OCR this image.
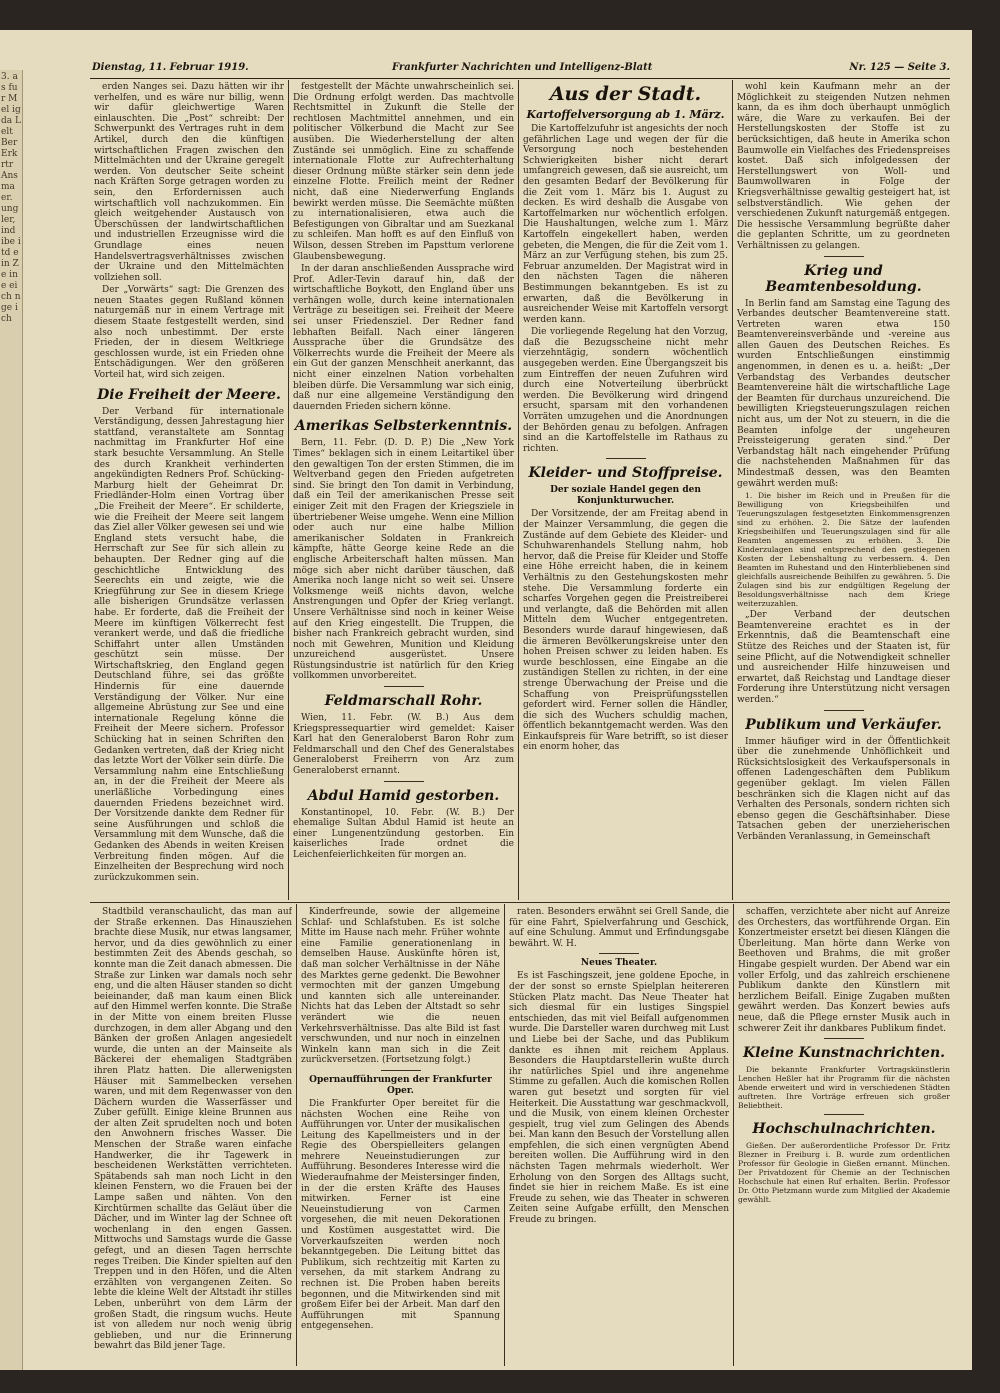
3. as fur Mel ig da Lelt Ber Erk rtr Ans ma er. ung ler, ind ibe itd ein Ze ine eich nge ich
Dienstag, 11. Februar 1919.	Frankfurter Nachrichten und Intelligenz-Blatt	Nr. 125 — Seite 3.

erden Nanges sei. Dazu hätten wir ihr verhelfen, und es wäre nur billig, wenn wir dafür gleichwertige Waren einlauschten. Die „Post“ schreibt: Der Schwerpunkt des Vertrages ruht in dem Artikel, durch den die künftigen wirtschaftlichen Fragen zwischen den Mittelmächten und der Ukraine geregelt werden. Von deutscher Seite scheint nach Kräften Sorge getragen worden zu sein, den Erfordernissen auch wirtschaftlich voll nachzukommen. Ein gleich weitgehender Austausch von Überschüssen der landwirtschaftlichen und industriellen Erzeugnisse wird die Grundlage eines neuen Handelsvertragsverhältnisses zwischen der Ukraine und den Mittelmächten vollziehen soll.

Der „Vorwärts“ sagt: Die Grenzen des neuen Staates gegen Rußland können naturgemäß nur in einem Vertrage mit diesem Staate festgestellt werden, sind also noch unbestimmt. Der erste Frieden, der in diesem Weltkriege geschlossen wurde, ist ein Frieden ohne Entschädigungen. Wer den größeren Vorteil hat, wird sich zeigen.

Die Freiheit der Meere.

Der Verband für internationale Verständigung, dessen Jahrestagung hier stattfand, veranstaltete am Sonntag nachmittag im Frankfurter Hof eine stark besuchte Versammlung. An Stelle des durch Krankheit verhinderten angekündigten Redners Prof. Schücking-Marburg hielt der Geheimrat Dr. Friedländer-Holm einen Vortrag über „Die Freiheit der Meere“. Er schilderte, wie die Freiheit der Meere seit langem das Ziel aller Völker gewesen sei und wie England stets versucht habe, die Herrschaft zur See für sich allein zu behaupten. Der Redner ging auf die geschichtliche Entwicklung des Seerechts ein und zeigte, wie die Kriegführung zur See in diesem Kriege alle bisherigen Grundsätze verlassen habe. Er forderte, daß die Freiheit der Meere im künftigen Völkerrecht fest verankert werde, und daß die friedliche Schiffahrt unter allen Umständen geschützt sein müsse. Der Wirtschaftskrieg, den England gegen Deutschland führe, sei das größte Hindernis für eine dauernde Verständigung der Völker. Nur eine allgemeine Abrüstung zur See und eine internationale Regelung könne die Freiheit der Meere sichern. Professor Schücking hat in seinen Schriften den Gedanken vertreten, daß der Krieg nicht das letzte Wort der Völker sein dürfe. Die Versammlung nahm eine Entschließung an, in der die Freiheit der Meere als unerläßliche Vorbedingung eines dauernden Friedens bezeichnet wird. Der Vorsitzende dankte dem Redner für seine Ausführungen und schloß die Versammlung mit dem Wunsche, daß die Gedanken des Abends in weiten Kreisen Verbreitung finden mögen. Auf die Einzelheiten der Besprechung wird noch zurückzukommen sein.

festgestellt der Mächte unwahrscheinlich sei. Die Ordnung erfolgt werden. Das machtvolle Rechtsmittel in Zukunft die Stelle der rechtlosen Machtmittel annehmen, und ein politischer Völkerbund die Macht zur See ausüben. Die Wiederherstellung der alten Zustände sei unmöglich. Eine zu schaffende internationale Flotte zur Aufrechterhaltung dieser Ordnung müßte stärker sein denn jede einzelne Flotte. Freilich meint der Redner nicht, daß eine Niederwerfung Englands bewirkt werden müsse. Die Seemächte müßten zu internationalisieren, etwa auch die Befestigungen von Gibraltar und am Suezkanal zu schleifen. Man hofft es auf den Einfluß von Wilson, dessen Streben im Papsttum verlorene Glaubensbewegung.

In der daran anschließenden Aussprache wird Prof. Adler-Tevin darauf hin, daß der wirtschaftliche Boykott, den England über uns verhängen wolle, durch keine internationalen Verträge zu beseitigen sei. Freiheit der Meere sei unser Friedensziel. Der Redner fand lebhaften Beifall. Nach einer längeren Aussprache über die Grundsätze des Völkerrechts wurde die Freiheit der Meere als ein Gut der ganzen Menschheit anerkannt, das nicht einer einzelnen Nation vorbehalten bleiben dürfe. Die Versammlung war sich einig, daß nur eine allgemeine Verständigung den dauernden Frieden sichern könne.

Amerikas Selbsterkenntnis.

Bern, 11. Febr. (D. D. P.) Die „New York Times“ beklagen sich in einem Leitartikel über den gewaltigen Ton der ersten Stimmen, die im Weltverband gegen den Frieden aufgetreten sind. Sie bringt den Ton damit in Verbindung, daß ein Teil der amerikanischen Presse seit einiger Zeit mit den Fragen der Kriegsziele in übertriebener Weise umgehe. Wenn eine Million oder auch nur eine halbe Million amerikanischer Soldaten in Frankreich kämpfte, hätte George keine Rede an die englische Arbeiterschaft halten müssen. Man möge sich aber nicht darüber täuschen, daß Amerika noch lange nicht so weit sei. Unsere Volksmenge weiß nichts davon, welche Anstrengungen und Opfer der Krieg verlangt. Unsere Verhältnisse sind noch in keiner Weise auf den Krieg eingestellt. Die Truppen, die bisher nach Frankreich gebracht wurden, sind noch mit Gewehren, Munition und Kleidung unzureichend ausgerüstet. Unsere Rüstungsindustrie ist natürlich für den Krieg vollkommen unvorbereitet.

Feldmarschall Rohr.

Wien, 11. Febr. (W. B.) Aus dem Kriegspressequartier wird gemeldet: Kaiser Karl hat den Generaloberst Baron Rohr zum Feldmarschall und den Chef des Generalstabes Generaloberst Freiherrn von Arz zum Generaloberst ernannt.

Abdul Hamid gestorben.

Konstantinopel, 10. Febr. (W. B.) Der ehemalige Sultan Abdul Hamid ist heute an einer Lungenentzündung gestorben. Ein kaiserliches Irade ordnet die Leichenfeierlichkeiten für morgen an.

Aus der Stadt.
Kartoffelversorgung ab 1. März.

Die Kartoffelzufuhr ist angesichts der noch gefährlichen Lage und wegen der für die Versorgung noch bestehenden Schwierigkeiten bisher nicht derart umfangreich gewesen, daß sie ausreicht, um den gesamten Bedarf der Bevölkerung für die Zeit vom 1. März bis 1. August zu decken. Es wird deshalb die Ausgabe von Kartoffelmarken nur wöchentlich erfolgen. Die Haushaltungen, welche zum 1. März Kartoffeln eingekellert haben, werden gebeten, die Mengen, die für die Zeit vom 1. März an zur Verfügung stehen, bis zum 25. Februar anzumelden. Der Magistrat wird in den nächsten Tagen die näheren Bestimmungen bekanntgeben. Es ist zu erwarten, daß die Bevölkerung in ausreichender Weise mit Kartoffeln versorgt werden kann.

Die vorliegende Regelung hat den Vorzug, daß die Bezugsscheine nicht mehr vierzehntägig, sondern wöchentlich ausgegeben werden. Eine Übergangszeit bis zum Eintreffen der neuen Zufuhren wird durch eine Notverteilung überbrückt werden. Die Bevölkerung wird dringend ersucht, sparsam mit den vorhandenen Vorräten umzugehen und die Anordnungen der Behörden genau zu befolgen. Anfragen sind an die Kartoffelstelle im Rathaus zu richten.

Kleider- und Stoffpreise.
Der soziale Handel gegen den Konjunkturwucher.

Der Vorsitzende, der am Freitag abend in der Mainzer Versammlung, die gegen die Zustände auf dem Gebiete des Kleider- und Schuhwarenhandels Stellung nahm, hob hervor, daß die Preise für Kleider und Stoffe eine Höhe erreicht haben, die in keinem Verhältnis zu den Gestehungskosten mehr stehe. Die Versammlung forderte ein scharfes Vorgehen gegen die Preistreiberei und verlangte, daß die Behörden mit allen Mitteln dem Wucher entgegentreten. Besonders wurde darauf hingewiesen, daß die ärmeren Bevölkerungskreise unter den hohen Preisen schwer zu leiden haben. Es wurde beschlossen, eine Eingabe an die zuständigen Stellen zu richten, in der eine strenge Überwachung der Preise und die Schaffung von Preisprüfungsstellen gefordert wird. Ferner sollen die Händler, die sich des Wuchers schuldig machen, öffentlich bekanntgemacht werden. Was den Einkaufspreis für Ware betrifft, so ist dieser ein enorm hoher, das

wohl kein Kaufmann mehr an der Möglichkeit zu steigenden Nutzen nehmen kann, da es ihm doch überhaupt unmöglich wäre, die Ware zu verkaufen. Bei der Herstellungskosten der Stoffe ist zu berücksichtigen, daß heute in Amerika schon Baumwolle ein Vielfaches des Friedenspreises kostet. Daß sich infolgedessen der Herstellungswert von Woll- und Baumwollwaren in Folge der Kriegsverhältnisse gewaltig gesteigert hat, ist selbstverständlich. Wie gehen der verschiedenen Zukunft naturgemäß entgegen. Die hessische Versammlung begrüßte daher die geplanten Schritte, um zu geordneten Verhältnissen zu gelangen.

Krieg und Beamtenbesoldung.

In Berlin fand am Samstag eine Tagung des Verbandes deutscher Beamtenvereine statt. Vertreten waren etwa 150 Beamtenvereinsverbände und -vereine aus allen Gauen des Deutschen Reiches. Es wurden Entschließungen einstimmig angenommen, in denen es u. a. heißt: „Der Verbandstag des Verbandes deutscher Beamtenvereine hält die wirtschaftliche Lage der Beamten für durchaus unzureichend. Die bewilligten Kriegsteuerungszulagen reichen nicht aus, um der Not zu steuern, in die die Beamten infolge der ungeheuren Preissteigerung geraten sind.“ Der Verbandstag hält nach eingehender Prüfung die nachstehenden Maßnahmen für das Mindestmaß dessen, was den Beamten gewährt werden muß:

1. Die bisher im Reich und in Preußen für die Bewilligung von Kriegsbeihilfen und Teuerungszulagen festgesetzten Einkommensgrenzen sind zu erhöhen. 2. Die Sätze der laufenden Kriegsbeihilfen und Teuerungszulagen sind für alle Beamten angemessen zu erhöhen. 3. Die Kinderzulagen sind entsprechend den gestiegenen Kosten der Lebenshaltung zu verbessern. 4. Den Beamten im Ruhestand und den Hinterbliebenen sind gleichfalls ausreichende Beihilfen zu gewähren. 5. Die Zulagen sind bis zur endgültigen Regelung der Besoldungsverhältnisse nach dem Kriege weiterzuzahlen.

„Der Verband der deutschen Beamtenvereine erachtet es in der Erkenntnis, daß die Beamtenschaft eine Stütze des Reiches und der Staaten ist, für seine Pflicht, auf die Notwendigkeit schneller und ausreichender Hilfe hinzuweisen und erwartet, daß Reichstag und Landtage dieser Forderung ihre Unterstützung nicht versagen werden.“

Publikum und Verkäufer.

Immer häufiger wird in der Öffentlichkeit über die zunehmende Unhöflichkeit und Rücksichtslosigkeit des Verkaufspersonals in offenen Ladengeschäften dem Publikum gegenüber geklagt. Im vielen Fällen beschränken sich die Klagen nicht auf das Verhalten des Personals, sondern richten sich ebenso gegen die Geschäftsinhaber. Diese Tatsachen geben der unerzieherischen Verbänden Veranlassung, in Gemeinschaft

Stadtbild veranschaulicht, das man auf der Straße erkennen. Das Hinausziehen brachte diese Musik, nur etwas langsamer, hervor, und da dies gewöhnlich zu einer bestimmten Zeit des Abends geschah, so konnte man die Zeit danach abmessen. Die Straße zur Linken war damals noch sehr eng, und die alten Häuser standen so dicht beieinander, daß man kaum einen Blick auf den Himmel werfen konnte. Die Straße in der Mitte von einem breiten Flusse durchzogen, in dem aller Abgang und den Bänken der großen Anlagen angesiedelt wurde, die unten an der Mainseite als Bäckerei der ehemaligen Stadtgräben ihren Platz hatten. Die allerwenigsten Häuser mit Sammelbecken versehen waren, und mit dem Regenwasser von den Dächern wurden die Wasserfässer und Zuber gefüllt. Einige kleine Brunnen aus der alten Zeit sprudelten noch und boten den Anwohnern frisches Wasser. Die Menschen der Straße waren einfache Handwerker, die ihr Tagewerk in bescheidenen Werkstätten verrichteten. Spätabends sah man noch Licht in den kleinen Fenstern, wo die Frauen bei der Lampe saßen und nähten. Von den Kirchtürmen schallte das Geläut über die Dächer, und im Winter lag der Schnee oft wochenlang in den engen Gassen. Mittwochs und Samstags wurde die Gasse gefegt, und an diesen Tagen herrschte reges Treiben. Die Kinder spielten auf den Treppen und in den Höfen, und die Alten erzählten von vergangenen Zeiten. So lebte die kleine Welt der Altstadt ihr stilles Leben, unberührt von dem Lärm der großen Stadt, die ringsum wuchs. Heute ist von alledem nur noch wenig übrig geblieben, und nur die Erinnerung bewahrt das Bild jener Tage.

Kinderfreunde, sowie der allgemeine Schlaf- und Schlafstuben. Es ist solche Mitte im Hause nach mehr. Früher wohnte eine Familie generationenlang in demselben Hause. Auskünfte hören ist, daß man solcher Verhältnisse in der Nähe des Marktes gerne gedenkt. Die Bewohner vermochten mit der ganzen Umgebung und kannten sich alle untereinander. Nichts hat das Leben der Altstadt so sehr verändert wie die neuen Verkehrsverhältnisse. Das alte Bild ist fast verschwunden, und nur noch in einzelnen Winkeln kann man sich in die Zeit zurückversetzen. (Fortsetzung folgt.)

Opernaufführungen der Frankfurter Oper.

Die Frankfurter Oper bereitet für die nächsten Wochen eine Reihe von Aufführungen vor. Unter der musikalischen Leitung des Kapellmeisters und in der Regie des Oberspielleiters gelangen mehrere Neueinstudierungen zur Aufführung. Besonderes Interesse wird die Wiederaufnahme der Meistersinger finden, in der die ersten Kräfte des Hauses mitwirken. Ferner ist eine Neueinstudierung von Carmen vorgesehen, die mit neuen Dekorationen und Kostümen ausgestattet wird. Die Vorverkaufszeiten werden noch bekanntgegeben. Die Leitung bittet das Publikum, sich rechtzeitig mit Karten zu versehen, da mit starkem Andrang zu rechnen ist. Die Proben haben bereits begonnen, und die Mitwirkenden sind mit großem Eifer bei der Arbeit. Man darf den Aufführungen mit Spannung entgegensehen.

raten. Besonders erwähnt sei Grell Sande, die für eine Fahrt, Spielverfahrung und Geschick, auf eine Schulung. Ammut und Erfindungsgabe bewährt. W. H.

Neues Theater.

Es ist Faschingszeit, jene goldene Epoche, in der der sonst so ernste Spielplan heitereren Stücken Platz macht. Das Neue Theater hat sich diesmal für ein lustiges Singspiel entschieden, das mit viel Beifall aufgenommen wurde. Die Darsteller waren durchweg mit Lust und Liebe bei der Sache, und das Publikum dankte es ihnen mit reichem Applaus. Besonders die Hauptdarstellerin wußte durch ihr natürliches Spiel und ihre angenehme Stimme zu gefallen. Auch die komischen Rollen waren gut besetzt und sorgten für viel Heiterkeit. Die Ausstattung war geschmackvoll, und die Musik, von einem kleinen Orchester gespielt, trug viel zum Gelingen des Abends bei. Man kann den Besuch der Vorstellung allen empfehlen, die sich einen vergnügten Abend bereiten wollen. Die Aufführung wird in den nächsten Tagen mehrmals wiederholt. Wer Erholung von den Sorgen des Alltags sucht, findet sie hier in reichem Maße. Es ist eine Freude zu sehen, wie das Theater in schweren Zeiten seine Aufgabe erfüllt, den Menschen Freude zu bringen.

schaffen, verzichtete aber nicht auf Anreize des Orchesters, das wortführende Organ. Ein Konzertmeister ersetzt bei diesen Klängen die Überleitung. Man hörte dann Werke von Beethoven und Brahms, die mit großer Hingabe gespielt wurden. Der Abend war ein voller Erfolg, und das zahlreich erschienene Publikum dankte den Künstlern mit herzlichem Beifall. Einige Zugaben mußten gewährt werden. Das Konzert bewies aufs neue, daß die Pflege ernster Musik auch in schwerer Zeit ihr dankbares Publikum findet.

Kleine Kunstnachrichten.

Die bekannte Frankfurter Vortragskünstlerin Lenchen Heßler hat ihr Programm für die nächsten Abende erweitert und wird in verschiedenen Städten auftreten. Ihre Vorträge erfreuen sich großer Beliebtheit.

Hochschulnachrichten.

Gießen. Der außerordentliche Professor Dr. Fritz Blezner in Freiburg i. B. wurde zum ordentlichen Professor für Geologie in Gießen ernannt. München. Der Privatdozent für Chemie an der Technischen Hochschule hat einen Ruf erhalten. Berlin. Professor Dr. Otto Pietzmann wurde zum Mitglied der Akademie gewählt.
